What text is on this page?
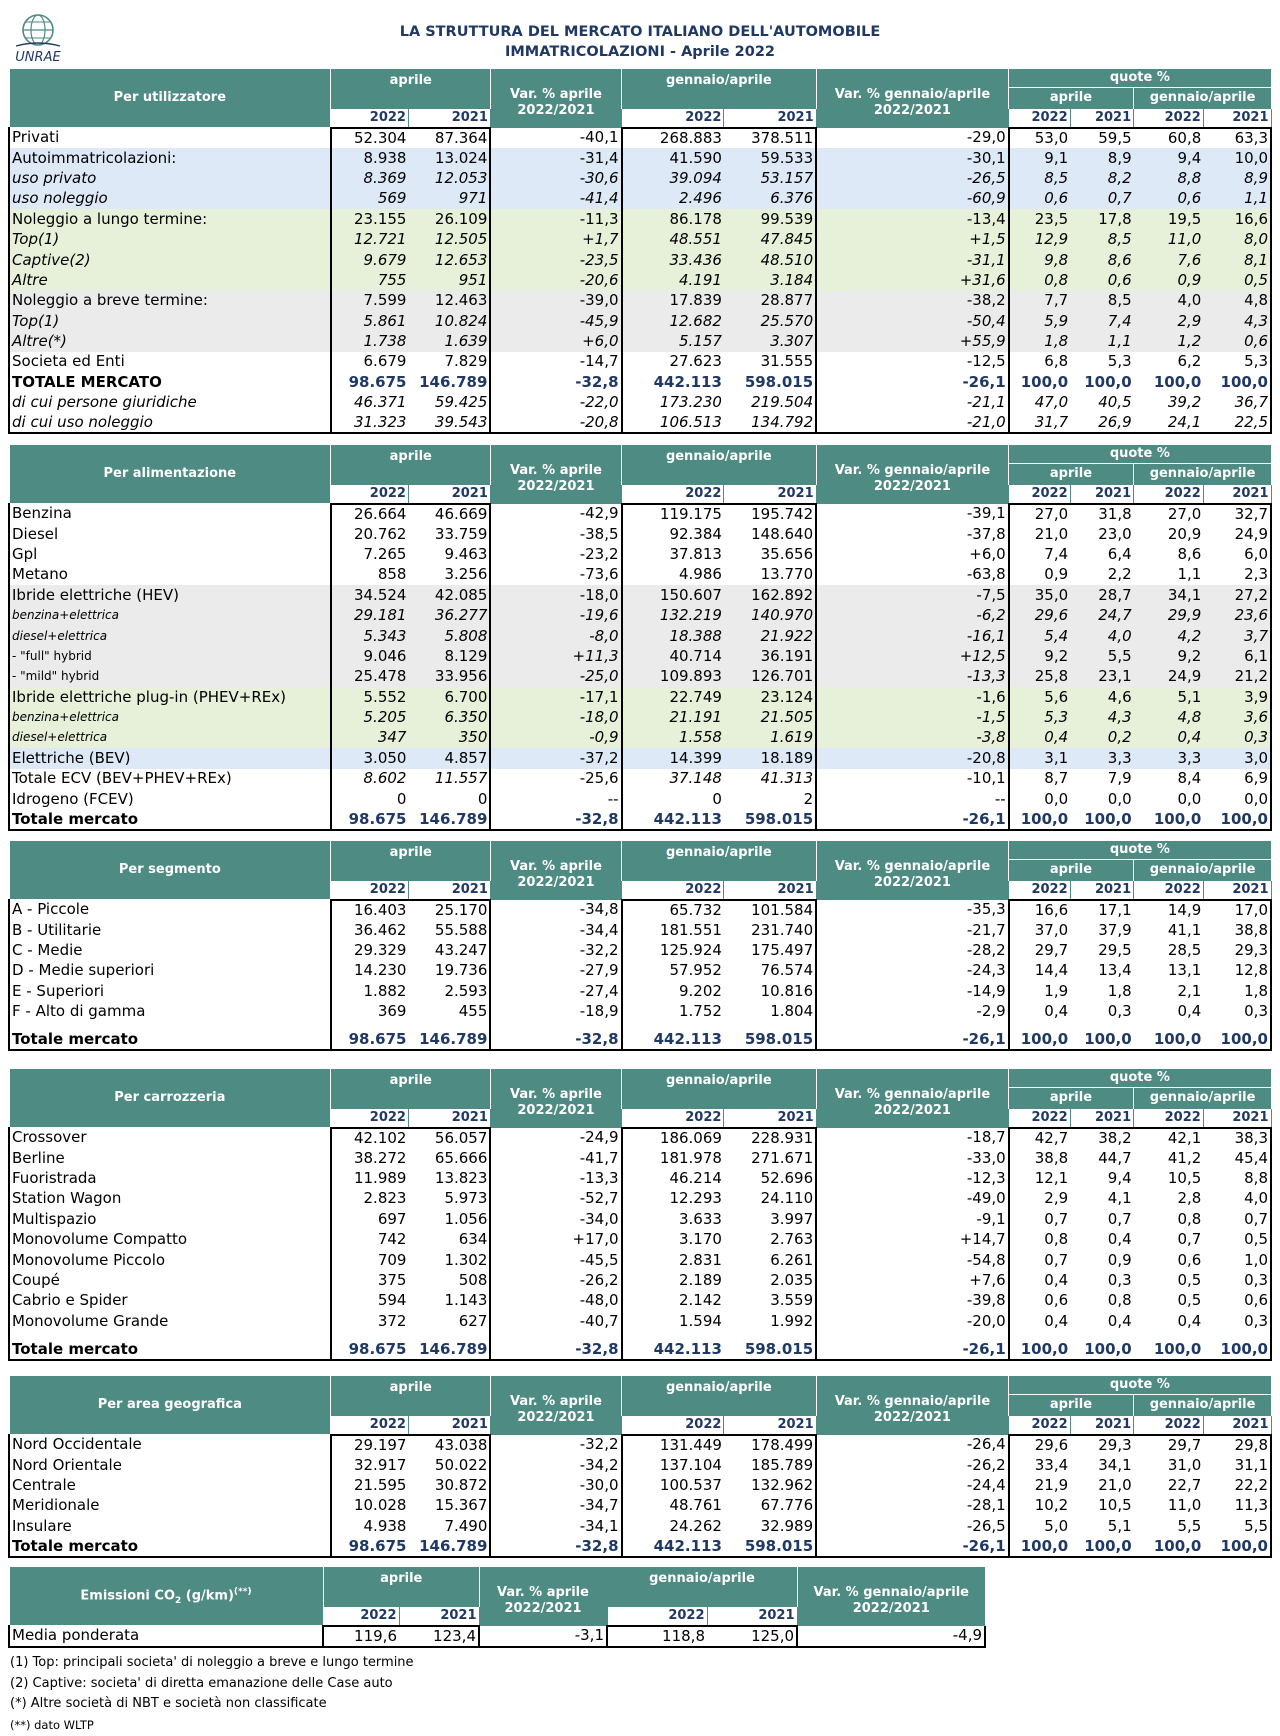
UNRAE
LA STRUTTURA DEL MERCATO ITALIANO DELL'AUTOMOBILE
IMMATRICOLAZIONI - Aprile 2022
Per utilizzatore	aprile		Var. % aprile 2022/2021	gennaio/aprile		Var. % gennaio/aprile 2022/2021	quote %			
							aprile		gennaio/aprile	
	2022	2021		2022	2021		2022	2021	2022	2021
Privati	52.304	87.364	-40,1	268.883	378.511	-29,0	53,0	59,5	60,8	63,3
Autoimmatricolazioni:	8.938	13.024	-31,4	41.590	59.533	-30,1	9,1	8,9	9,4	10,0
uso privato	8.369	12.053	-30,6	39.094	53.157	-26,5	8,5	8,2	8,8	8,9
uso noleggio	569	971	-41,4	2.496	6.376	-60,9	0,6	0,7	0,6	1,1
Noleggio a lungo termine:	23.155	26.109	-11,3	86.178	99.539	-13,4	23,5	17,8	19,5	16,6
Top(1)	12.721	12.505	+1,7	48.551	47.845	+1,5	12,9	8,5	11,0	8,0
Captive(2)	9.679	12.653	-23,5	33.436	48.510	-31,1	9,8	8,6	7,6	8,1
Altre	755	951	-20,6	4.191	3.184	+31,6	0,8	0,6	0,9	0,5
Noleggio a breve termine:	7.599	12.463	-39,0	17.839	28.877	-38,2	7,7	8,5	4,0	4,8
Top(1)	5.861	10.824	-45,9	12.682	25.570	-50,4	5,9	7,4	2,9	4,3
Altre(*)	1.738	1.639	+6,0	5.157	3.307	+55,9	1,8	1,1	1,2	0,6
Societa ed Enti	6.679	7.829	-14,7	27.623	31.555	-12,5	6,8	5,3	6,2	5,3
TOTALE MERCATO	98.675	146.789	-32,8	442.113	598.015	-26,1	100,0	100,0	100,0	100,0
di cui persone giuridiche	46.371	59.425	-22,0	173.230	219.504	-21,1	47,0	40,5	39,2	36,7
di cui uso noleggio	31.323	39.543	-20,8	106.513	134.792	-21,0	31,7	26,9	24,1	22,5
Per alimentazione	aprile		Var. % aprile 2022/2021	gennaio/aprile		Var. % gennaio/aprile 2022/2021	quote %			
							aprile		gennaio/aprile	
	2022	2021		2022	2021		2022	2021	2022	2021
Benzina	26.664	46.669	-42,9	119.175	195.742	-39,1	27,0	31,8	27,0	32,7
Diesel	20.762	33.759	-38,5	92.384	148.640	-37,8	21,0	23,0	20,9	24,9
Gpl	7.265	9.463	-23,2	37.813	35.656	+6,0	7,4	6,4	8,6	6,0
Metano	858	3.256	-73,6	4.986	13.770	-63,8	0,9	2,2	1,1	2,3
Ibride elettriche (HEV)	34.524	42.085	-18,0	150.607	162.892	-7,5	35,0	28,7	34,1	27,2
benzina+elettrica	29.181	36.277	-19,6	132.219	140.970	-6,2	29,6	24,7	29,9	23,6
diesel+elettrica	5.343	5.808	-8,0	18.388	21.922	-16,1	5,4	4,0	4,2	3,7
- "full" hybrid	9.046	8.129	+11,3	40.714	36.191	+12,5	9,2	5,5	9,2	6,1
- "mild" hybrid	25.478	33.956	-25,0	109.893	126.701	-13,3	25,8	23,1	24,9	21,2
Ibride elettriche plug-in (PHEV+REx)	5.552	6.700	-17,1	22.749	23.124	-1,6	5,6	4,6	5,1	3,9
benzina+elettrica	5.205	6.350	-18,0	21.191	21.505	-1,5	5,3	4,3	4,8	3,6
diesel+elettrica	347	350	-0,9	1.558	1.619	-3,8	0,4	0,2	0,4	0,3
Elettriche (BEV)	3.050	4.857	-37,2	14.399	18.189	-20,8	3,1	3,3	3,3	3,0
Totale ECV (BEV+PHEV+REx)	8.602	11.557	-25,6	37.148	41.313	-10,1	8,7	7,9	8,4	6,9
Idrogeno (FCEV)	0	0	--	0	2	--	0,0	0,0	0,0	0,0
Totale mercato	98.675	146.789	-32,8	442.113	598.015	-26,1	100,0	100,0	100,0	100,0
Per segmento	aprile		Var. % aprile 2022/2021	gennaio/aprile		Var. % gennaio/aprile 2022/2021	quote %			
							aprile		gennaio/aprile	
	2022	2021		2022	2021		2022	2021	2022	2021
A - Piccole	16.403	25.170	-34,8	65.732	101.584	-35,3	16,6	17,1	14,9	17,0
B - Utilitarie	36.462	55.588	-34,4	181.551	231.740	-21,7	37,0	37,9	41,1	38,8
C - Medie	29.329	43.247	-32,2	125.924	175.497	-28,2	29,7	29,5	28,5	29,3
D - Medie superiori	14.230	19.736	-27,9	57.952	76.574	-24,3	14,4	13,4	13,1	12,8
E - Superiori	1.882	2.593	-27,4	9.202	10.816	-14,9	1,9	1,8	2,1	1,8
F - Alto di gamma	369	455	-18,9	1.752	1.804	-2,9	0,4	0,3	0,4	0,3

Totale mercato	98.675	146.789	-32,8	442.113	598.015	-26,1	100,0	100,0	100,0	100,0
Per carrozzeria	aprile		Var. % aprile 2022/2021	gennaio/aprile		Var. % gennaio/aprile 2022/2021	quote %			
							aprile		gennaio/aprile	
	2022	2021		2022	2021		2022	2021	2022	2021
Crossover	42.102	56.057	-24,9	186.069	228.931	-18,7	42,7	38,2	42,1	38,3
Berline	38.272	65.666	-41,7	181.978	271.671	-33,0	38,8	44,7	41,2	45,4
Fuoristrada	11.989	13.823	-13,3	46.214	52.696	-12,3	12,1	9,4	10,5	8,8
Station Wagon	2.823	5.973	-52,7	12.293	24.110	-49,0	2,9	4,1	2,8	4,0
Multispazio	697	1.056	-34,0	3.633	3.997	-9,1	0,7	0,7	0,8	0,7
Monovolume Compatto	742	634	+17,0	3.170	2.763	+14,7	0,8	0,4	0,7	0,5
Monovolume Piccolo	709	1.302	-45,5	2.831	6.261	-54,8	0,7	0,9	0,6	1,0
Coupé	375	508	-26,2	2.189	2.035	+7,6	0,4	0,3	0,5	0,3
Cabrio e Spider	594	1.143	-48,0	2.142	3.559	-39,8	0,6	0,8	0,5	0,6
Monovolume Grande	372	627	-40,7	1.594	1.992	-20,0	0,4	0,4	0,4	0,3

Totale mercato	98.675	146.789	-32,8	442.113	598.015	-26,1	100,0	100,0	100,0	100,0
Per area geografica	aprile		Var. % aprile 2022/2021	gennaio/aprile		Var. % gennaio/aprile 2022/2021	quote %			
							aprile		gennaio/aprile	
	2022	2021		2022	2021		2022	2021	2022	2021
Nord Occidentale	29.197	43.038	-32,2	131.449	178.499	-26,4	29,6	29,3	29,7	29,8
Nord Orientale	32.917	50.022	-34,2	137.104	185.789	-26,2	33,4	34,1	31,0	31,1
Centrale	21.595	30.872	-30,0	100.537	132.962	-24,4	21,9	21,0	22,7	22,2
Meridionale	10.028	15.367	-34,7	48.761	67.776	-28,1	10,2	10,5	11,0	11,3
Insulare	4.938	7.490	-34,1	24.262	32.989	-26,5	5,0	5,1	5,5	5,5
Totale mercato	98.675	146.789	-32,8	442.113	598.015	-26,1	100,0	100,0	100,0	100,0
Emissioni $CO_2$ (g/km)(**)	aprile		Var. % aprile 2022/2021	gennaio/aprile		Var. % gennaio/aprile 2022/2021
	2022	2021		2022	2021	
Media ponderata	119,6	123,4	-3,1	118,8	125,0	-4,9
(1) Top: principali societa' di noleggio a breve e lungo termine
(2) Captive: societa' di diretta emanazione delle Case auto
(*) Altre società di NBT e società non classificate
(**) dato WLTP
